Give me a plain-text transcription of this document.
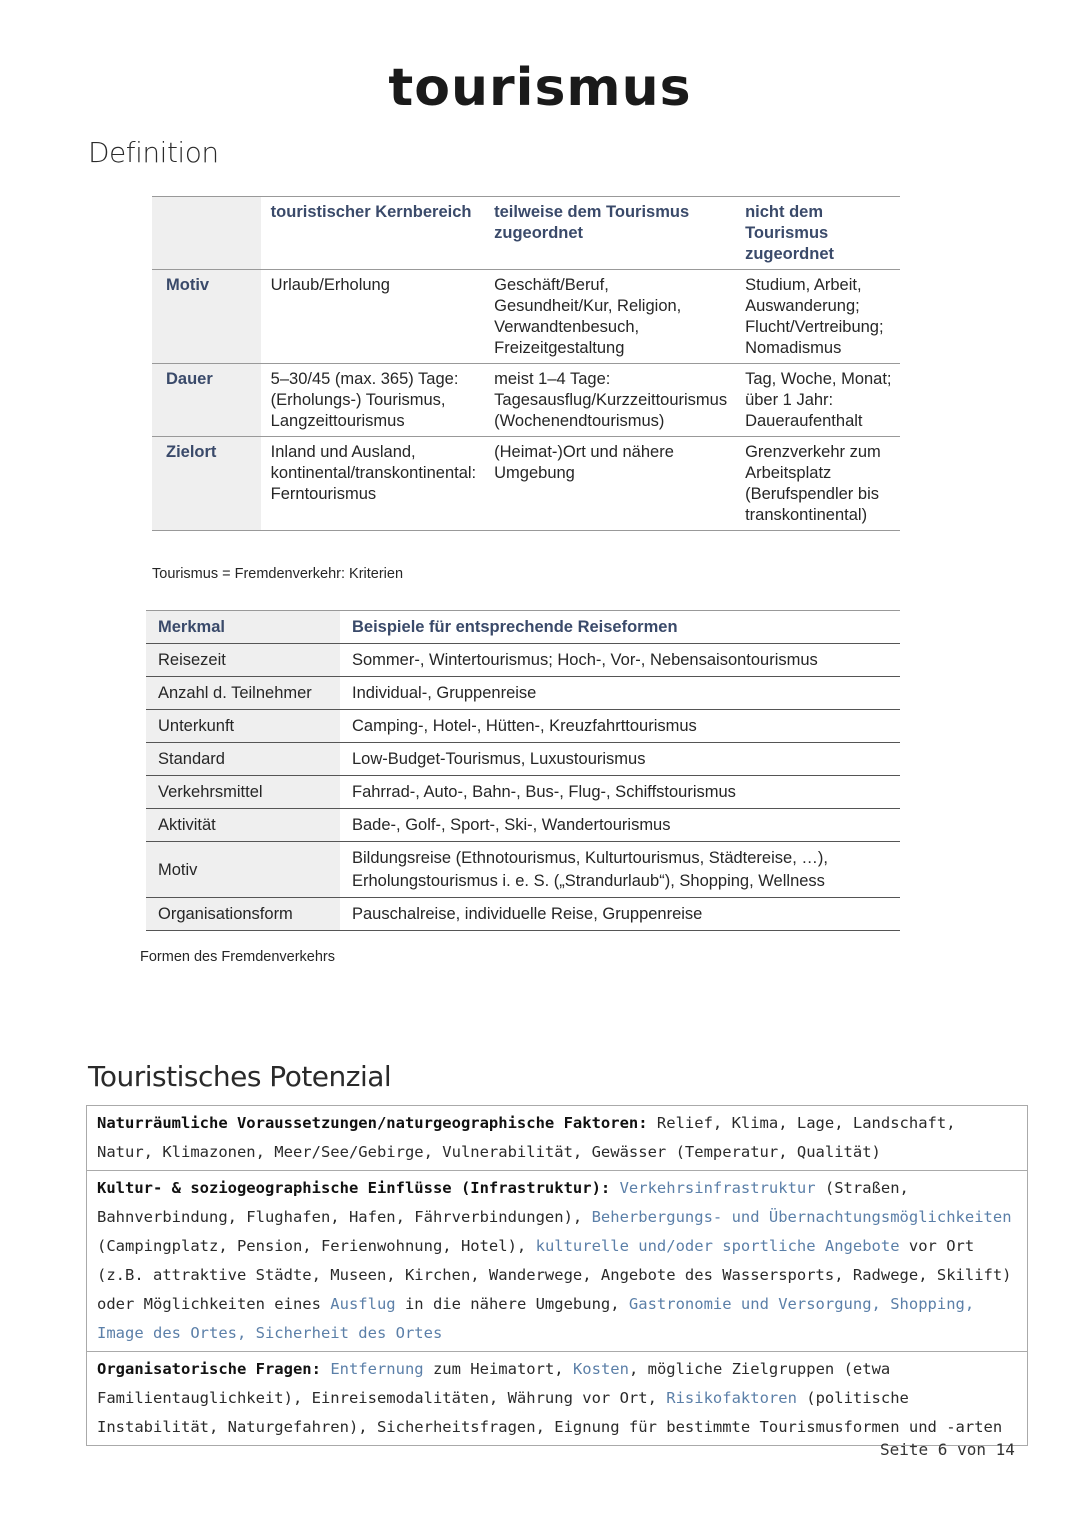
tourismus
Definition
	touristischer Kernbereich	teilweise dem Tourismus zugeordnet	nicht dem Tourismus zugeordnet
Motiv	Urlaub/Erholung	Geschäft/Beruf, Gesundheit/Kur, Religion, Verwandtenbesuch, Freizeitgestaltung	Studium, Arbeit, Auswanderung; Flucht/Vertreibung; Nomadismus
Dauer	5–30/45 (max. 365) Tage: (Erholungs-) Tourismus, Langzeittourismus	meist 1–4 Tage: Tagesausflug/Kurzzeittourismus (Wochenendtourismus)	Tag, Woche, Monat; über 1 Jahr: Daueraufenthalt
Zielort	Inland und Ausland, kontinental/transkontinental: Ferntourismus	(Heimat-)Ort und nähere Umgebung	Grenzverkehr zum Arbeitsplatz (Berufspendler bis transkontinental)
Tourismus = Fremdenverkehr: Kriterien
Merkmal	Beispiele für entsprechende Reiseformen
Reisezeit	Sommer-, Wintertourismus; Hoch-, Vor-, Nebensaisontourismus
Anzahl d. Teilnehmer	Individual-, Gruppenreise
Unterkunft	Camping-, Hotel-, Hütten-, Kreuzfahrttourismus
Standard	Low-Budget-Tourismus, Luxustourismus
Verkehrsmittel	Fahrrad-, Auto-, Bahn-, Bus-, Flug-, Schiffstourismus
Aktivität	Bade-, Golf-, Sport-, Ski-, Wandertourismus
Motiv	Bildungsreise (Ethnotourismus, Kulturtourismus, Städtereise, …), Erholungstourismus i. e. S. („Strandurlaub“), Shopping, Wellness
Organisationsform	Pauschalreise, individuelle Reise, Gruppenreise
Formen des Fremdenverkehrs
Touristisches Potenzial
Naturräumliche Voraussetzungen/naturgeographische Faktoren: Relief, Klima, Lage, Landschaft, Natur, Klimazonen, Meer/See/Gebirge, Vulnerabilität, Gewässer (Temperatur, Qualität)
Kultur- & soziogeographische Einflüsse (Infrastruktur): Verkehrsinfrastruktur (Straßen, Bahnverbindung, Flughafen, Hafen, Fährverbindungen), Beherbergungs- und Übernachtungsmöglichkeiten (Campingplatz, Pension, Ferienwohnung, Hotel), kulturelle und/oder sportliche Angebote vor Ort (z.B. attraktive Städte, Museen, Kirchen, Wanderwege, Angebote des Wassersports, Radwege, Skilift) oder Möglichkeiten eines Ausflug in die nähere Umgebung, Gastronomie und Versorgung, Shopping, Image des Ortes, Sicherheit des Ortes
Organisatorische Fragen: Entfernung zum Heimatort, Kosten, mögliche Zielgruppen (etwa Familientauglichkeit), Einreisemodalitäten, Währung vor Ort, Risikofaktoren (politische Instabilität, Naturgefahren), Sicherheitsfragen, Eignung für bestimmte Tourismusformen und -arten
Seite 6 von 14
